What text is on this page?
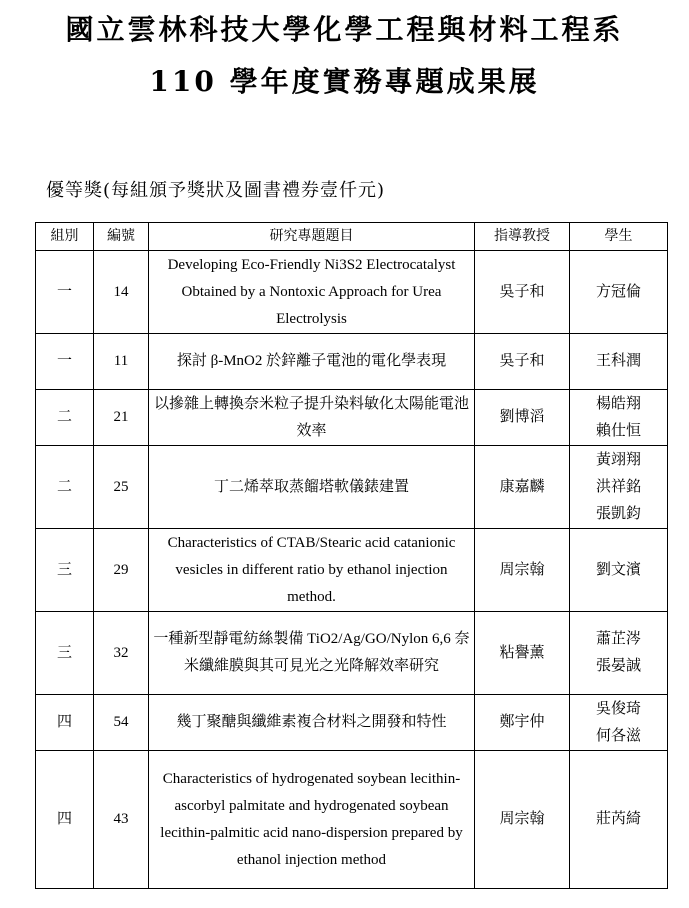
國立雲林科技大學化學工程與材料工程系
110 學年度實務專題成果展
優等獎(每組頒予獎狀及圖書禮券壹仟元)
組別	編號	研究專題題目	指導教授	學生
一	14	Developing Eco-Friendly Ni3S2 Electrocatalyst Obtained by a Nontoxic Approach for Urea Electrolysis	吳子和	方冠倫

一	11	探討 β-MnO2 於鋅離子電池的電化學表現	吳子和	王科潤

二	21	以摻雜上轉換奈米粒子提升染料敏化太陽能電池效率	劉博滔	楊皓翔
賴仕恒

二	25	丁二烯萃取蒸餾塔軟儀錶建置	康嘉麟	黃翊翔
洪祥銘
張凱鈞

三	29	Characteristics of CTAB/Stearic acid catanionic vesicles in different ratio by ethanol injection method.	周宗翰	劉文濱

三	32	一種新型靜電紡絲製備 TiO2/Ag/GO/Nylon 6,6 奈米纖維膜與其可見光之光降解效率研究	粘譽薰	蕭芷涔
張晏誠

四	54	幾丁聚醣與纖維素複合材料之開發和特性	鄭宇仲	吳俊琦
何各滋

四	43	Characteristics of hydrogenated soybean lecithin-ascorbyl palmitate and hydrogenated soybean lecithin-palmitic acid nano-dispersion prepared by ethanol injection method	周宗翰	莊芮綺
